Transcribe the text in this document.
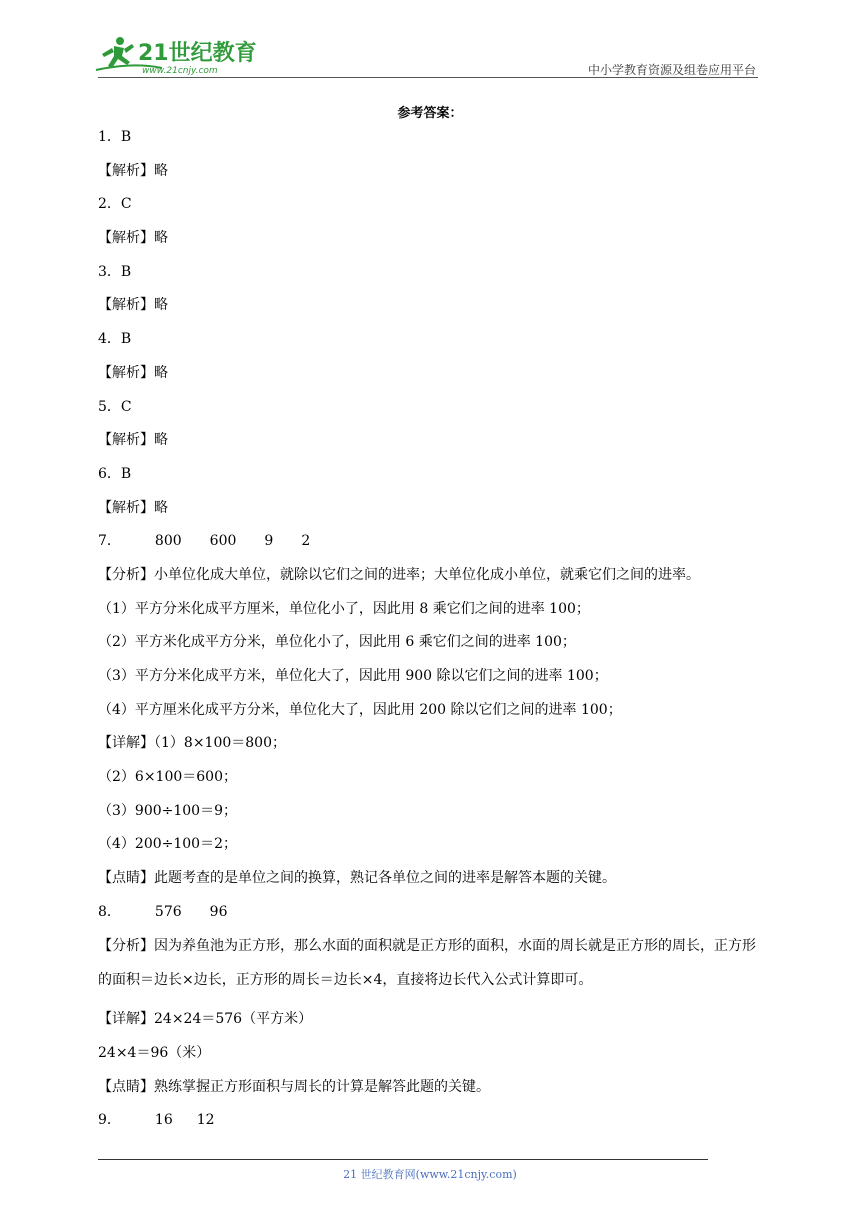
21世纪教育
www.21cnjy.com	中小学教育资源及组卷应用平台
参考答案：
1．B
【解析】略
2．C
【解析】略
3．B
【解析】略
4．B
【解析】略
5．C
【解析】略
6．B
【解析】略
7． 800 600 9 2
【分析】小单位化成大单位，就除以它们之间的进率；大单位化成小单位，就乘它们之间的进率。
（1）平方分米化成平方厘米，单位化小了，因此用 8 乘它们之间的进率 100；
（2）平方米化成平方分米，单位化小了，因此用 6 乘它们之间的进率 100；
（3）平方分米化成平方米，单位化大了，因此用 900 除以它们之间的进率 100；
（4）平方厘米化成平方分米，单位化大了，因此用 200 除以它们之间的进率 100；
【详解】（1）8×100＝800；
（2）6×100＝600；
（3）900÷100＝9；
（4）200÷100＝2；
【点睛】此题考查的是单位之间的换算，熟记各单位之间的进率是解答本题的关键。
8． 576 96
【分析】因为养鱼池为正方形，那么水面的面积就是正方形的面积，水面的周长就是正方形的周长，正方形的面积＝边长×边长，正方形的周长＝边长×4，直接将边长代入公式计算即可。
【详解】24×24＝576（平方米）
24×4＝96（米）
【点睛】熟练掌握正方形面积与周长的计算是解答此题的关键。
9． 16 12
21 世纪教育网(www.21cnjy.com)
